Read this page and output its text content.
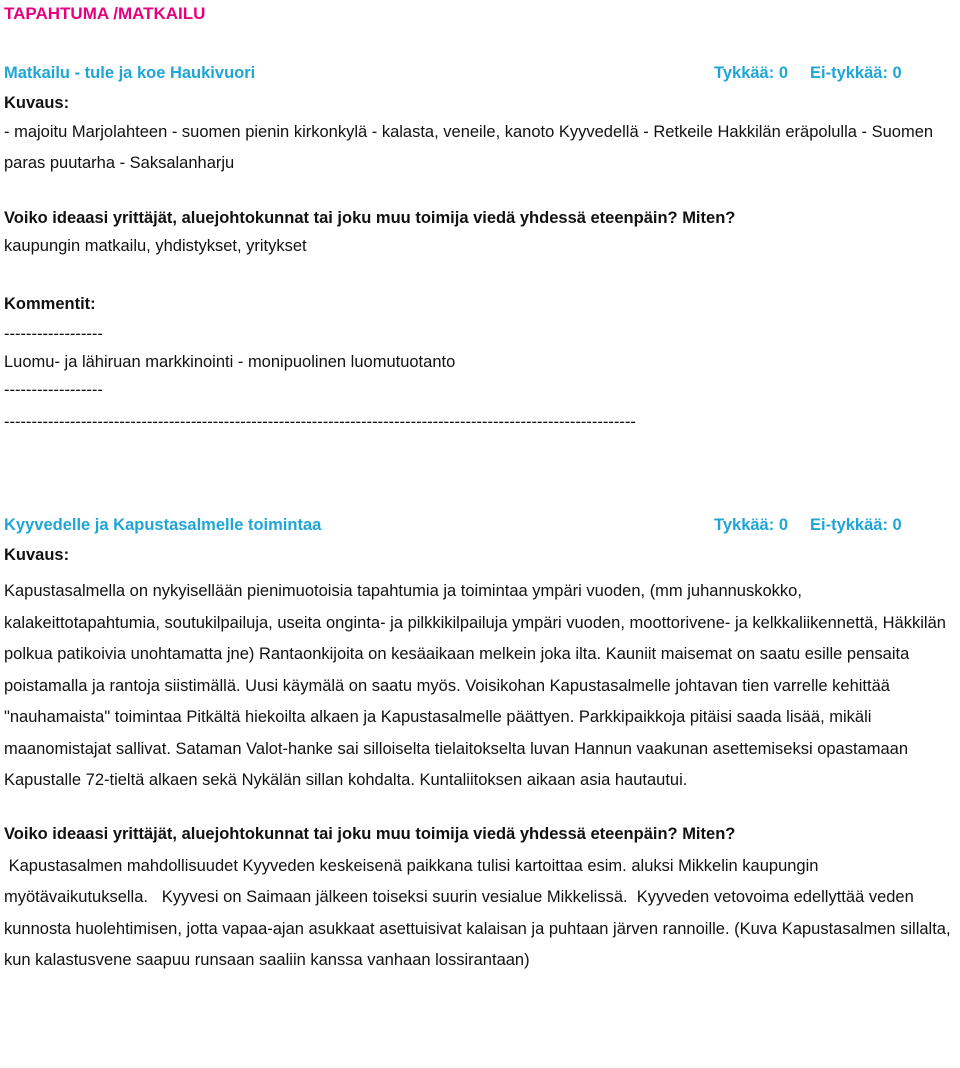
TAPAHTUMA /MATKAILU
Matkailu - tule ja koe Haukivuori	Tykkää: 0 Ei-tykkää: 0
Kuvaus:
- majoitu Marjolahteen - suomen pienin kirkonkylä - kalasta, veneile, kanoto Kyyvedellä - Retkeile Hakkilän eräpolulla - Suomen paras puutarha - Saksalanharju
Voiko ideaasi yrittäjät, aluejohtokunnat tai joku muu toimija viedä yhdessä eteenpäin? Miten?
kaupungin matkailu, yhdistykset, yritykset
Kommentit:
------------------
Luomu- ja lähiruan markkinointi - monipuolinen luomutuotanto
------------------
-------------------------------------------------------------------------------------------------------------------
Kyyvedelle ja Kapustasalmelle toimintaa	Tykkää: 0 Ei-tykkää: 0
Kuvaus:
Kapustasalmella on nykyisellään pienimuotoisia tapahtumia ja toimintaa ympäri vuoden, (mm juhannuskokko, kalakeittotapahtumia, soutukilpailuja, useita onginta- ja pilkkikilpailuja ympäri vuoden, moottorivene- ja kelkkaliikennettä, Häkkilän polkua patikoivia unohtamatta jne) Rantaonkijoita on kesäaikaan melkein joka ilta. Kauniit maisemat on saatu esille pensaita poistamalla ja rantoja siistimällä. Uusi käymälä on saatu myös. Voisikohan Kapustasalmelle johtavan tien varrelle kehittää "nauhamaista" toimintaa Pitkältä hiekoilta alkaen ja Kapustasalmelle päättyen. Parkkipaikkoja pitäisi saada lisää, mikäli maanomistajat sallivat. Sataman Valot-hanke sai silloiselta tielaitokselta luvan Hannun vaakunan asettemiseksi opastamaan Kapustalle 72-tieltä alkaen sekä Nykälän sillan kohdalta. Kuntaliitoksen aikaan asia hautautui.
Voiko ideaasi yrittäjät, aluejohtokunnat tai joku muu toimija viedä yhdessä eteenpäin? Miten?
Kapustasalmen mahdollisuudet Kyyveden keskeisenä paikkana tulisi kartoittaa esim. aluksi Mikkelin kaupungin myötävaikutuksella.   Kyyvesi on Saimaan jälkeen toiseksi suurin vesialue Mikkelissä.  Kyyveden vetovoima edellyttää veden kunnosta huolehtimisen, jotta vapaa-ajan asukkaat asettuisivat kalaisan ja puhtaan järven rannoille. (Kuva Kapustasalmen sillalta, kun kalastusvene saapuu runsaan saaliin kanssa vanhaan lossirantaan)
